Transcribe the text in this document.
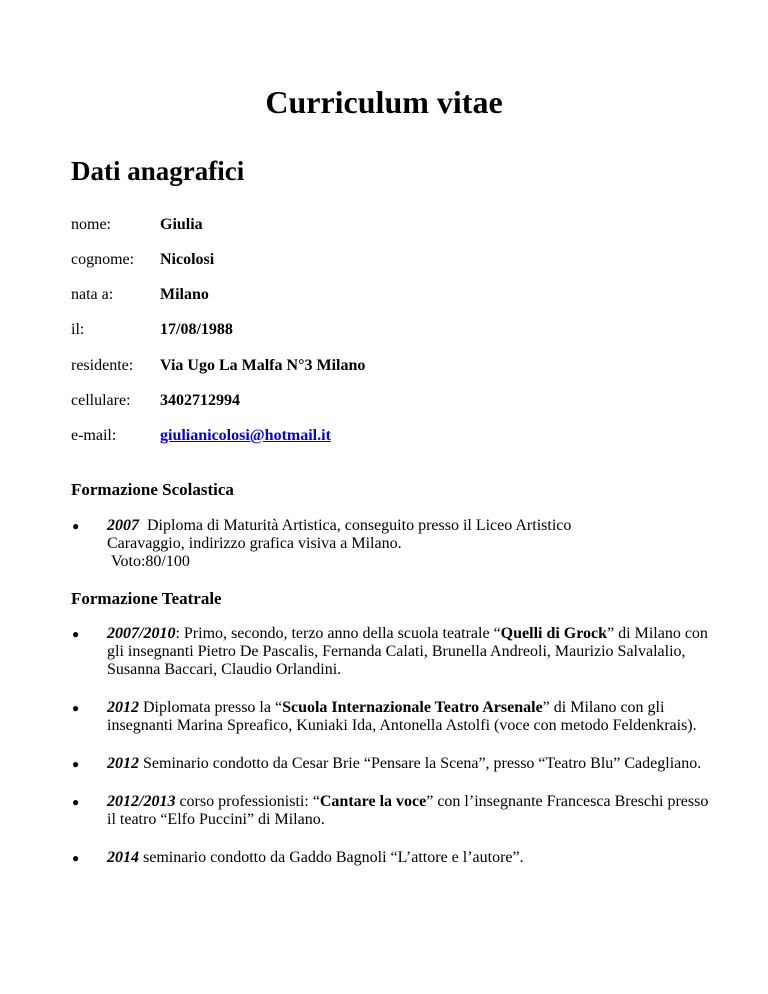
Curriculum vitae
Dati anagrafici
nome:	Giulia
cognome: Nicolosi
nata a:	Milano
il:	17/08/1988
residente: Via Ugo La Malfa N°3 Milano
cellulare: 3402712994
e-mail:	giulianicolosi@hotmail.it
Formazione Scolastica
● 2007 Diploma di Maturità Artistica, conseguito presso il Liceo Artistico
Caravaggio, indirizzo grafica visiva a Milano.
Voto:80/100
Formazione Teatrale
● 2007/2010: Primo, secondo, terzo anno della scuola teatrale “Quelli di Grock” di Milano con gli insegnanti Pietro De Pascalis, Fernanda Calati, Brunella Andreoli, Maurizio Salvalalio, Susanna Baccari, Claudio Orlandini.
● 2012 Diplomata presso la “Scuola Internazionale Teatro Arsenale” di Milano con gli insegnanti Marina Spreafico, Kuniaki Ida, Antonella Astolfi (voce con metodo Feldenkrais).
● 2012 Seminario condotto da Cesar Brie “Pensare la Scena”, presso “Teatro Blu” Cadegliano.
● 2012/2013 corso professionisti: “Cantare la voce” con l’insegnante Francesca Breschi presso il teatro “Elfo Puccini” di Milano.
● 2014 seminario condotto da Gaddo Bagnoli “L’attore e l’autore”.
